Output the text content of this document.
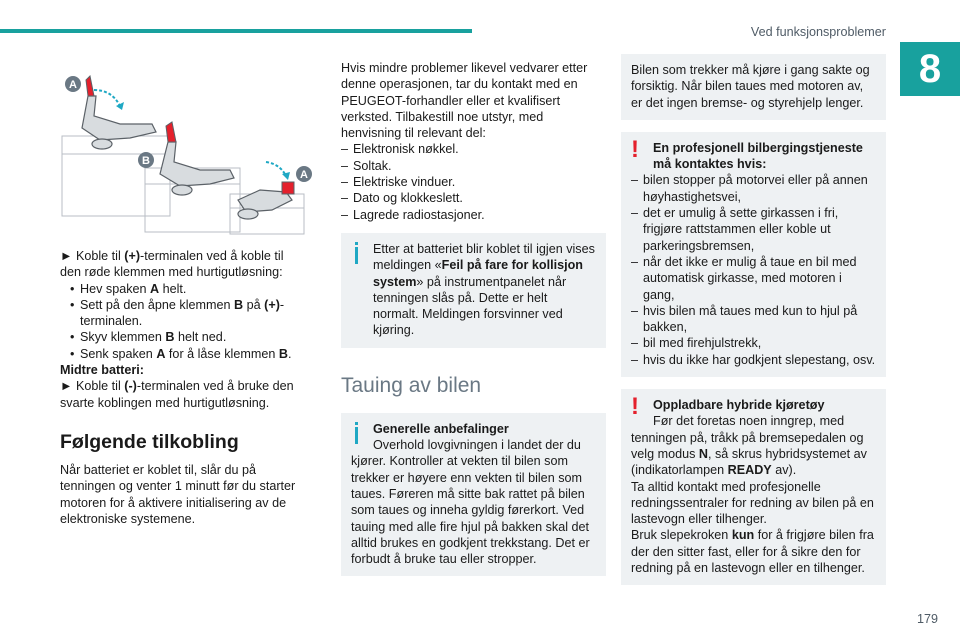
Ved funksjonsproblemer
8
A
B
A

► Koble til (+)-terminalen ved å koble til den røde klemmen med hurtigutløsning:

• Hev spaken A helt.
• Sett på den åpne klemmen B på (+)-terminalen.
• Skyv klemmen B helt ned.
• Senk spaken A for å låse klemmen B.

Midtre batteri:

► Koble til (-)-terminalen ved å bruke den svarte koblingen med hurtigutløsning.

Følgende tilkobling

Når batteriet er koblet til, slår du på tenningen og venter 1 minutt før du starter motoren for å aktivere initialisering av de elektroniske systemene.

Hvis mindre problemer likevel vedvarer etter denne operasjonen, tar du kontakt med en PEUGEOT-forhandler eller et kvalifisert verksted. Tilbakestill noe utstyr, med henvisning til relevant del:

– Elektronisk nøkkel.
– Soltak.
– Elektriske vinduer.
– Dato og klokkeslett.
– Lagrede radiostasjoner.

Etter at batteriet blir koblet til igjen vises meldingen «Feil på fare for kollisjon system» på instrumentpanelet når tenningen slås på. Dette er helt normalt. Meldingen forsvinner ved kjøring.

Tauing av bilen

Generelle anbefalinger

Overhold lovgivningen i landet der du kjører. Kontroller at vekten til bilen som trekker er høyere enn vekten til bilen som taues. Føreren må sitte bak rattet på bilen som taues og inneha gyldig førerkort. Ved tauing med alle fire hjul på bakken skal det alltid brukes en godkjent trekkstang. Det er forbudt å bruke tau eller stropper.

Bilen som trekker må kjøre i gang sakte og forsiktig. Når bilen taues med motoren av, er det ingen bremse- og styrehjelp lenger.

!	En profesjonell bilbergingstjeneste må kontaktes hvis:

– bilen stopper på motorvei eller på annen høyhastighetsvei,
– det er umulig å sette girkassen i fri, frigjøre rattstammen eller koble ut parkeringsbremsen,
– når det ikke er mulig å taue en bil med automatisk girkasse, med motoren i gang,
– hvis bilen må taues med kun to hjul på bakken,
– bil med firehjulstrekk,
– hvis du ikke har godkjent slepestang, osv.
!	Oppladbare hybride kjøretøy

Før det foretas noen inngrep, med tenningen på, tråkk på bremsepedalen og velg modus N, så skrus hybridsystemet av (indikatorlampen READY av).

Ta alltid kontakt med profesjonelle redningssentraler for redning av bilen på en lastevogn eller tilhenger.

Bruk slepekroken kun for å frigjøre bilen fra der den sitter fast, eller for å sikre den for redning på en lastevogn eller en tilhenger.

179
